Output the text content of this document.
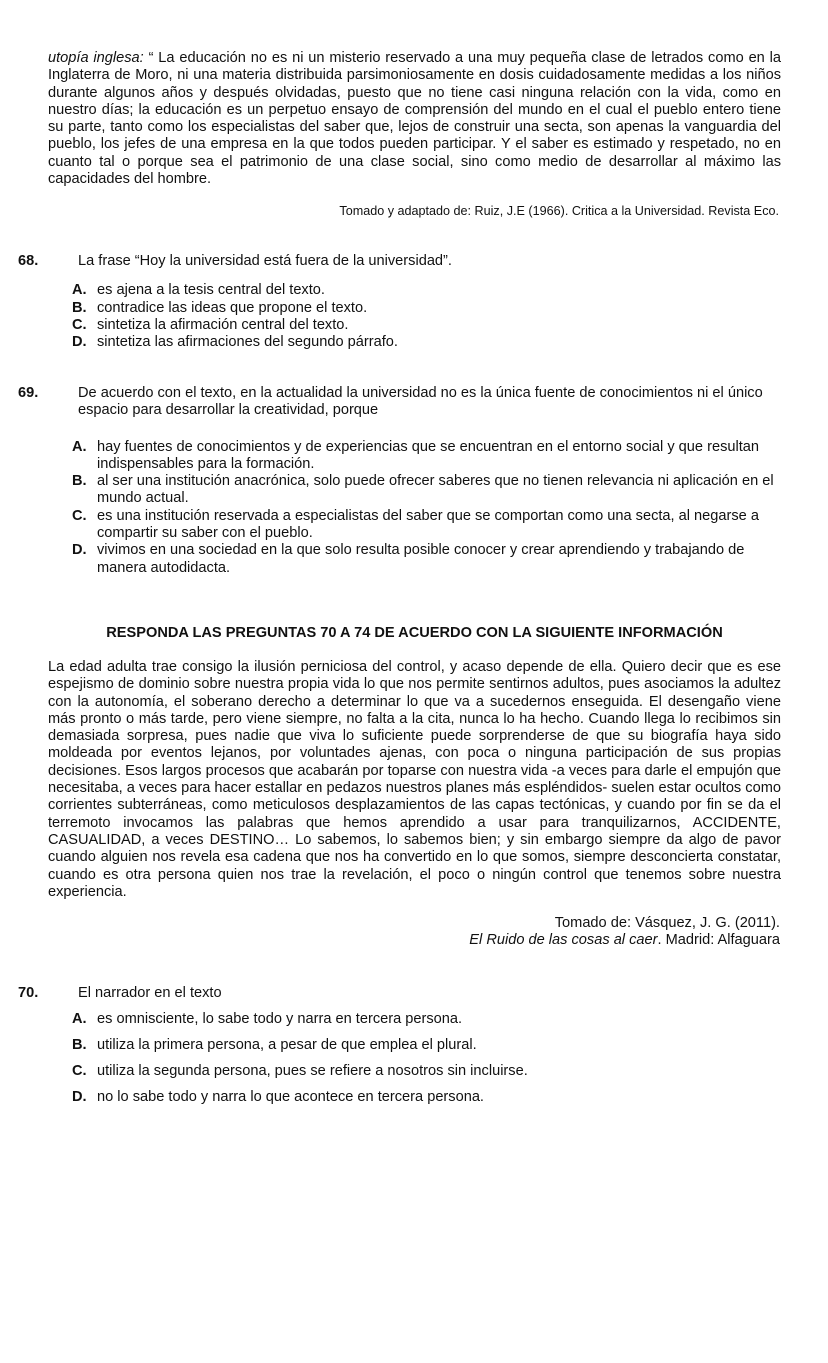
utopía inglesa: “ La educación no es ni un misterio reservado a una muy pequeña clase de letrados como en la Inglaterra de Moro, ni una materia distribuida parsimoniosamente en dosis cuidadosamente medidas a los niños durante algunos años y después olvidadas, puesto que no tiene casi ninguna relación con la vida, como en nuestro días; la educación es un perpetuo ensayo de comprensión del mundo en el cual el pueblo entero tiene su parte, tanto como los especialistas del saber que, lejos de construir una secta, son apenas la vanguardia del pueblo, los jefes de una empresa en la que todos pueden participar. Y el saber es estimado y respetado, no en cuanto tal o porque sea el patrimonio de una clase social, sino como medio de desarrollar al máximo las capacidades del hombre.
Tomado y adaptado de: Ruiz, J.E (1966). Critica a la Universidad. Revista Eco.
68.	La frase “Hoy la universidad está fuera de la universidad”.
A. es ajena a la tesis central del texto.
B. contradice las ideas que propone el texto.
C. sintetiza la afirmación central del texto.
D. sintetiza las afirmaciones del segundo párrafo.
69.	De acuerdo con el texto, en la actualidad la universidad no es la única fuente de conocimientos ni el único espacio para desarrollar la creatividad, porque
A. hay fuentes de conocimientos y de experiencias que se encuentran en el entorno social y que resultan indispensables para la formación.
B. al ser una institución anacrónica, solo puede ofrecer saberes que no tienen relevancia ni aplicación en el mundo actual.
C. es una institución reservada a especialistas del saber que se comportan como una secta, al negarse a compartir su saber con el pueblo.
D. vivimos en una sociedad en la que solo resulta posible conocer y crear aprendiendo y trabajando de manera autodidacta.
RESPONDA LAS PREGUNTAS 70 A 74 DE ACUERDO CON LA SIGUIENTE INFORMACIÓN
La edad adulta trae consigo la ilusión perniciosa del control, y acaso depende de ella. Quiero decir que es ese espejismo de dominio sobre nuestra propia vida lo que nos permite sentirnos adultos, pues asociamos la adultez con la autonomía, el soberano derecho a determinar lo que va a sucedernos enseguida. El desengaño viene más pronto o más tarde, pero viene siempre, no falta a la cita, nunca lo ha hecho. Cuando llega lo recibimos sin demasiada sorpresa, pues nadie que viva lo suficiente puede sorprenderse de que su biografía haya sido moldeada por eventos lejanos, por voluntades ajenas, con poca o ninguna participación de sus propias decisiones. Esos largos procesos que acabarán por toparse con nuestra vida -a veces para darle el empujón que necesitaba, a veces para hacer estallar en pedazos nuestros planes más espléndidos- suelen estar ocultos como corrientes subterráneas, como meticulosos desplazamientos de las capas tectónicas, y cuando por fin se da el terremoto invocamos las palabras que hemos aprendido a usar para tranquilizarnos, ACCIDENTE, CASUALIDAD, a veces DESTINO… Lo sabemos, lo sabemos bien; y sin embargo siempre da algo de pavor cuando alguien nos revela esa cadena que nos ha convertido en lo que somos, siempre desconcierta constatar, cuando es otra persona quien nos trae la revelación, el poco o ningún control que tenemos sobre nuestra experiencia.
Tomado de: Vásquez, J. G. (2011).
El Ruido de las cosas al caer. Madrid: Alfaguara
70.	El narrador en el texto
A. es omnisciente, lo sabe todo y narra en tercera persona.
B. utiliza la primera persona, a pesar de que emplea el plural.
C. utiliza la segunda persona, pues se refiere a nosotros sin incluirse.
D. no lo sabe todo y narra lo que acontece en tercera persona.
